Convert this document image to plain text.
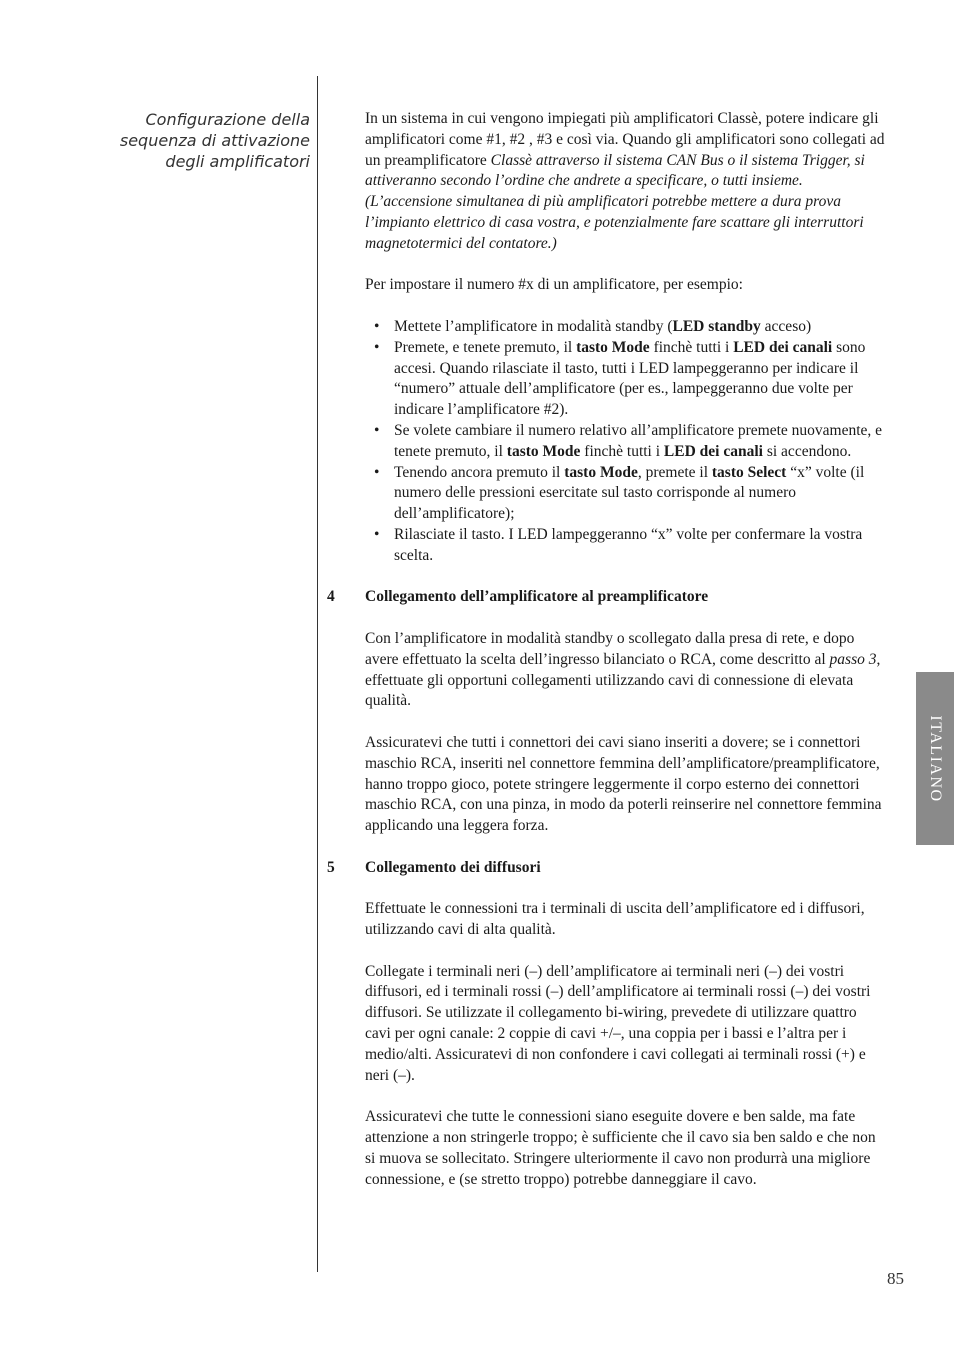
Configurazione della
sequenza di attivazione
degli amplificatori

In un sistema in cui vengono impiegati più amplificatori Classè, potere indicare gli amplificatori come #1, #2 , #3 e così via. Quando gli amplificatori sono collegati ad un preamplificatore Classè attraverso il sistema CAN Bus o il sistema Trigger, si attiveranno secondo l’ordine che andrete a specificare, o tutti insieme. (L’accensione simultanea di più amplificatori potrebbe mettere a dura prova l’impianto elettrico di casa vostra, e potenzialmente fare scattare gli interruttori magnetotermici del contatore.)

Per impostare il numero #x di un amplificatore, per esempio:

• Mettete l’amplificatore in modalità standby (LED standby acceso)
• Premete, e tenete premuto, il tasto Mode finchè tutti i LED dei canali sono accesi. Quando rilasciate il tasto, tutti i LED lampeggeranno per indicare il “numero” attuale dell’amplificatore (per es., lampeggeranno due volte per indicare l’amplificatore #2).
• Se volete cambiare il numero relativo all’amplificatore premete nuovamente, e tenete premuto, il tasto Mode finchè tutti i LED dei canali si accendono.
• Tenendo ancora premuto il tasto Mode, premete il tasto Select “x” volte (il numero delle pressioni esercitate sul tasto corrisponde al numero dell’amplificatore);
• Rilasciate il tasto. I LED lampeggeranno “x” volte per confermare la vostra scelta.
4 Collegamento dell’amplificatore al preamplificatore

Con l’amplificatore in modalità standby o scollegato dalla presa di rete, e dopo avere effettuato la scelta dell’ingresso bilanciato o RCA, come descritto al passo 3, effettuate gli opportuni collegamenti utilizzando cavi di connessione di elevata qualità.

Assicuratevi che tutti i connettori dei cavi siano inseriti a dovere; se i connettori maschio RCA, inseriti nel connettore femmina dell’amplificatore/preamplificatore, hanno troppo gioco, potete stringere leggermente il corpo esterno dei connettori maschio RCA, con una pinza, in modo da poterli reinserire nel connettore femmina applicando una leggera forza.

5 Collegamento dei diffusori

Effettuate le connessioni tra i terminali di uscita dell’amplificatore ed i diffusori, utilizzando cavi di alta qualità.

Collegate i terminali neri (–) dell’amplificatore ai terminali neri (–) dei vostri diffusori, ed i terminali rossi (–) dell’amplificatore ai terminali rossi (–) dei vostri diffusori. Se utilizzate il collegamento bi-wiring, prevedete di utilizzare quattro cavi per ogni canale: 2 coppie di cavi +/–, una coppia per i bassi e l’altra per i medio/alti. Assicuratevi di non confondere i cavi collegati ai terminali rossi (+) e neri (–).

Assicuratevi che tutte le connessioni siano eseguite dovere e ben salde, ma fate attenzione a non stringerle troppo; è sufficiente che il cavo sia ben saldo e che non si muova se sollecitato. Stringere ulteriormente il cavo non produrrà una migliore connessione, e (se stretto troppo) potrebbe danneggiare il cavo.

ITALIANO
85
